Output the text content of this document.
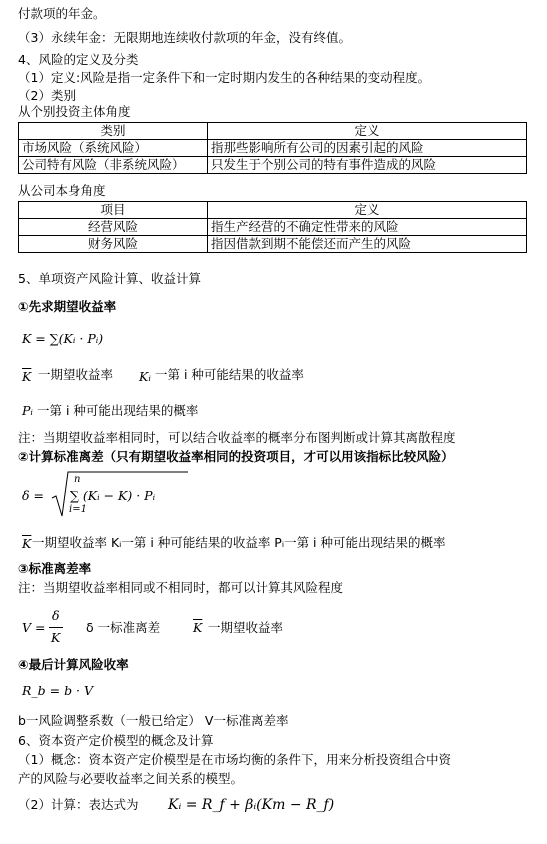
付款项的年金。
（3）永续年金：无限期地连续收付款项的年金，没有终值。
4、风险的定义及分类
（1）定义:风险是指一定条件下和一定时期内发生的各种结果的变动程度。
（2）类别
从个别投资主体角度
类别	定义
市场风险（系统风险）	指那些影响所有公司的因素引起的风险
公司特有风险（非系统风险）	只发生于个别公司的特有事件造成的风险
从公司本身角度
项目	定义
经营风险	指生产经营的不确定性带来的风险
财务风险	指因借款到期不能偿还而产生的风险
5、单项资产风险计算、收益计算
①先求期望收益率
K = ∑(Kᵢ · Pᵢ)
$\overline{K}$ 一期望收益率 Kᵢ 一第 i 种可能结果的收益率
Pᵢ 一第 i 种可能出现结果的概率
注：当期望收益率相同时，可以结合收益率的概率分布图判断或计算其离散程度
②计算标准离差（只有期望收益率相同的投资项目，才可以用该指标比较风险）
δ =
n
∑ (Kᵢ − K) · Pᵢ
i=1
$\overline{K}$ 一期望收益率 Kᵢ一第 i 种可能结果的收益率 Pᵢ一第 i 种可能出现结果的概率
③标准离差率
注：当期望收益率相同或不相同时，都可以计算其风险程度
V =
δ
K
δ 一标准离差	$\overline{K}$ 一期望收益率
④最后计算风险收率
R_b = b · V
b一风险调整系数（一般已给定） V一标准离差率
6、资本资产定价模型的概念及计算
（1）概念：资本资产定价模型是在市场均衡的条件下，用来分析投资组合中资
产的风险与必要收益率之间关系的模型。
（2）计算：表达式为 Kᵢ = R_f + βᵢ(Km − R_f)
